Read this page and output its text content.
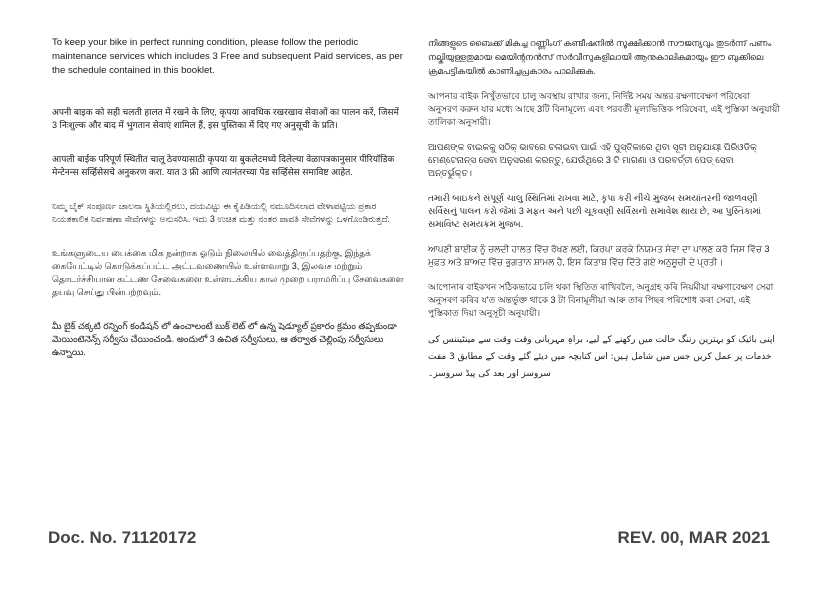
To keep your bike in perfect running condition, please follow the periodic maintenance services which includes 3 Free and subsequent Paid services, as per the schedule contained in this booklet.

अपनी बाइक को सही चलती हालत में रखने के लिए, कृपया आवधिक रखरखाव सेवाओं का पालन करें, जिसमें 3 निःशुल्क और बाद में भुगतान सेवाएं शामिल हैं, इस पुस्तिका में दिए गए अनुसूची के प्रति।

आपली बाईक परिपूर्ण स्थितीत चालू ठेवण्यासाठी कृपया या बुकलेटमध्ये दिलेल्या वेळापत्रकानुसार पीरियॉडिक मेन्टेनन्स सर्व्हिसेसचे अनुकरण करा. यात 3 फ्री आणि त्यानंतरच्या पेड सर्व्हिसेस समाविष्ट आहेत.

ನಿಮ್ಮ ಬೈಕ್ ಸಂಪೂರ್ಣ ಚಾಲನಾ ಸ್ಥಿತಿಯಲ್ಲಿರಲು, ದಯವಿಟ್ಟು ಈ ಕೈಪಿಡಿಯಲ್ಲಿ ನಮೂದಿಸಲಾದ ವೇಳಾಪಟ್ಟಿಯ ಪ್ರಕಾರ ನಿಯತಕಾಲಿಕ ನಿರ್ವಹಣಾ ಸೇವೆಗಳನ್ನು ಅನುಸರಿಸಿ. ಇದು 3 ಉಚಿತ ಮತ್ತು ನಂತರ ಪಾವತಿ ಸೇವೆಗಳನ್ನು ಒಳಗೊಂಡಿರುತ್ತದೆ.

உங்களுடைய பைக்கை மிக நன்றாக ஓடும் நிலையில் வைத்திருப்பதற்கு, இந்தக் கையேட்டில் கொடுக்கப்பட்ட அட்டவணையில் உள்ளவாறு 3, இலவச மற்றும் தொடர்ச்சியான கட்டண சேவைகளை உள்ளடக்கிய கால முறை பராமரிப்பு சேவைகளை தயவு செய்து பின்பற்றவும்.

మీ బైక్ చక్కటి రన్నింగ్ కండిషన్ లో ఉంచాలంటే బుక్ లెట్ లో ఉన్న షెడ్యూల్ ప్రకారం క్రమం తప్పకుండా మెయింటెనెన్స్ సర్వీసు చేయించండి. అందులో 3 ఉచిత సర్వీసులు, ఆ తర్వాత చెల్లింపు సర్వీసులు ఉన్నాయి.

നിങ്ങളുടെ ബൈക്ക് മികച്ച റണ്ണിംഗ് കണ്ടീഷനിൽ സൂക്ഷിക്കാൻ സൗജന്യവും തുടർന്ന് പണം നല്കിയുള്ളതുമായ മെയിന്റനൻസ് സർവീസുകളിലായി ആനുകാലികമായും ഈ ബുക്കിലെ ക്രമപട്ടികയിൽ കാണിച്ചപ്രകാരം പാലിക്കുക.

আপনার বাইক নিখুঁতভাবে চালু অবস্থায় রাখার জন্য, নির্দিষ্ট সময় অন্তর রক্ষণাবেক্ষণ পরিষেবা অনুসরণ করুন যার মধ্যে আছে 3টি বিনামূল্যে এবং পরবর্তী মূল্যভিত্তিক পরিষেবা, এই পুস্তিকা অনুযায়ী তালিকা অনুসারী।

ଆପଣଙ୍କ ବାଇକକୁ ସଠିକ୍ ଭାବରେ ଚଳାଇବା ପାଇଁ ଏହି ପୁସ୍ତିକାରେ ଥିବା ସୂଚୀ ଅନୁଯାୟୀ ପିରିଓଡିକ୍ ମେଣ୍ଟେନାନ୍ସ ସେବା ଅନୁସରଣ କରନ୍ତୁ, ଯେଉଁଥିରେ 3 ଟି ମାଗଣା ଓ ପରବର୍ତ୍ତୀ ପେଡ୍ ସେବା ଅନ୍ତର୍ଭୁକ୍ତ।

તમારી બાઇકને સંપૂર્ણ ચાલુ સ્થિતિમાં રાખવા માટે, કૃપા કરી નીચે મુજબ સમયાંતરની જાળવણી સર્વિસનું પાલન કરો જેમાં 3 મફત અને પછી ચૂકવણી સર્વિસનો સમાવેશ થાય છે, આ પુસ્તિકામાં સમાવિષ્ટ સમયક્રમ મુજબ.

ਆਪਣੀ ਬਾਈਕ ਨੂੰ ਚਲਦੀ ਹਾਲਤ ਵਿੱਚ ਰੱਖਣ ਲਈ, ਕਿਰਪਾ ਕਰਕੇ ਨਿਯਮਤ ਸੇਵਾ ਦਾ ਪਾਲਣ ਕਰੋ ਜਿਸ ਵਿੱਚ 3 ਮੁਫ਼ਤ ਅਤੇ ਬਾਅਦ ਵਿੱਚ ਭੁਗਤਾਨ ਸ਼ਾਮਲ ਹੈ, ਇਸ ਕਿਤਾਬ ਵਿੱਚ ਦਿੱਤੇ ਗਏ ਅਨੁਸੂਚੀ ਦੇ ਪ੍ਰਤੀ।

আপোনাৰ বাইকখন সঠিকভাৱে চলি থকা স্থিতিত ৰাখিবলৈ, অনুগ্ৰহ কৰি নিয়মীয়া ৰক্ষণাবেক্ষণ সেৱা অনুসৰণ কৰিব য'ত অন্তৰ্ভুক্ত থাকে 3 টা বিনামূলীয়া আৰু তাৰ পিছৰ পৰিশোধ কৰা সেৱা, এই পুস্তিকাত দিয়া অনুসূচী অনুযায়ী।

اپنی بائیک کو بہترین رننگ حالت میں رکھنے کے لیے، براہِ مہربانی وقت وقت سے مینٹیننس کی خدمات پر عمل کریں جس میں شامل ہیں: اس کتابچہ میں دیئے گئے وقت کے مطابق 3 مفت سروسز اور بعد کی پیڈ سروسز۔

Doc. No. 71120172	REV. 00, MAR 2021
